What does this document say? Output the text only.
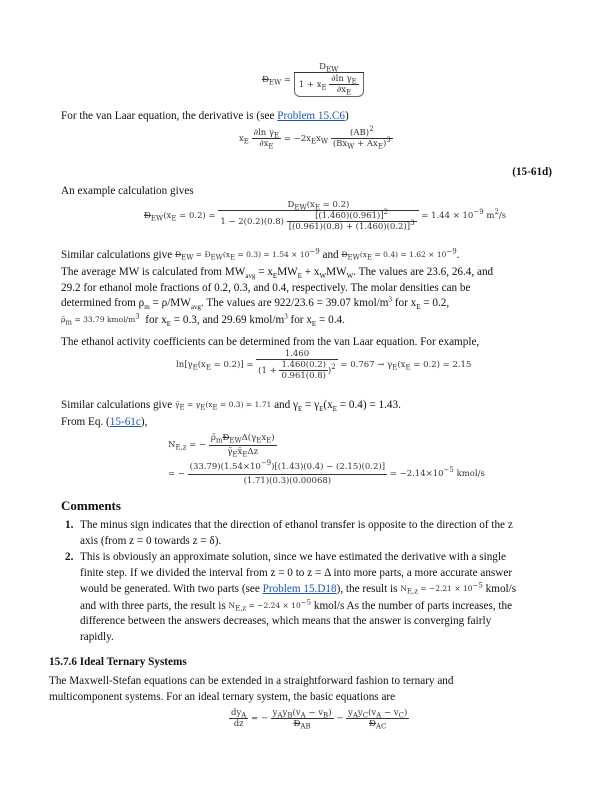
$Đ_{EW} = \frac{D_{EW}}{1 + x_E \frac{\partial\ln \gamma_E}{\partial x_E}}$
For the van Laar equation, the derivative is (see Problem 15.C6)
$x_E \frac{\partial\ln \gamma_E}{\partial x_E} = -2x_Ex_W \frac{(AB)^2}{(Bx_W + Ax_E)^3}$
(15-61d)
An example calculation gives
$Đ_{EW}(x_E = 0.2)$ =
$D_{EW}(x_E = 0.2)$
$1 - 2(0.2)(0.8) \frac{[(1.460)(0.961)]^2}{[(0.961)(0.8) + (1.460)(0.2)]^3} = 1.44 \times 10^{-9}$ $m^2/s$
Similar calculations give $Đ_{EW}$ = $Đ_{EW}(x_E = 0.3) = 1.54 \times 10^{-9}$ and $Đ_{EW}(x_E = 0.4) = 1.62 \times 10^{-9}$.
The average MW is calculated from $MW_{avg} = x_EMW_E + x_WMW_W$. The values are 23.6, 26.4, and
29.2 for ethanol mole fractions of 0.2, 0.3, and 0.4, respectively. The molar densities can be
determined from $\rho_m = \rho/MW_{avg}$. The values are 922/23.6 = 39.07 kmol/$m^3$ for $x_E = 0.2$,
$\rhō_m = 33.79$ kmol/$m^3$  for $x_E = 0.3$, and 29.69 kmol/$m^3$ for $x_E = 0.4$.
The ethanol activity coefficients can be determined from the van Laar equation. For example,
$\ln[\gamma_E(x_E = 0.2)] = \frac{1.460}{(1 + \frac{1.460(0.2)}{0.961(0.8)} )^2} = 0.767 \to \gamma_E(x_E = 0.2) = 2.15$
Similar calculations give $\gammā_E = \gamma_E(x_E = 0.3) = 1.71$ and $\gamma_E = \gamma_E(x_E = 0.4) = 1.43$.
From Eq. (15-61c),
$N_{E,z}$ = − $\frac{\rhō_mĐ_{EW}\Delta(\gamma_Ex_E)}{\gammā_Ex̄_E\Delta z}$
= − $\frac{(33.79)(1.54\times 10^{-9})[(1.43)(0.4) - (2.15)(0.2)]}{(1.71)(0.3)(0.00068)} = -2.14\times 10^{-5}$ kmol/s
Comments
1. The minus sign indicates that the direction of ethanol transfer is opposite to the direction of the z
axis (from z = 0 towards z = δ).
2. This is obviously an approximate solution, since we have estimated the derivative with a single
finite step. If we divided the interval from z = 0 to z = Δ into more parts, a more accurate answer
would be generated. With two parts (see Problem 15.D18), the result is $N_{E,z} = -2.21 \times 10^{-5}$ kmol/s
and with three parts, the result is $N_{E,z} = -2.24 \times 10^{-5}$ kmol/s As the number of parts increases, the
difference between the answers decreases, which means that the answer is converging fairly
rapidly.
15.7.6 Ideal Ternary Systems
The Maxwell-Stefan equations can be extended in a straightforward fashion to ternary and
multicomponent systems. For an ideal ternary system, the basic equations are
$\frac{dy_A}{dz}$ = − $\frac{y_Ay_B(v_A - v_B)}{Đ_{AB}} - \frac{y_Ay_C(v_A - v_C)}{Đ_{AC}}$
